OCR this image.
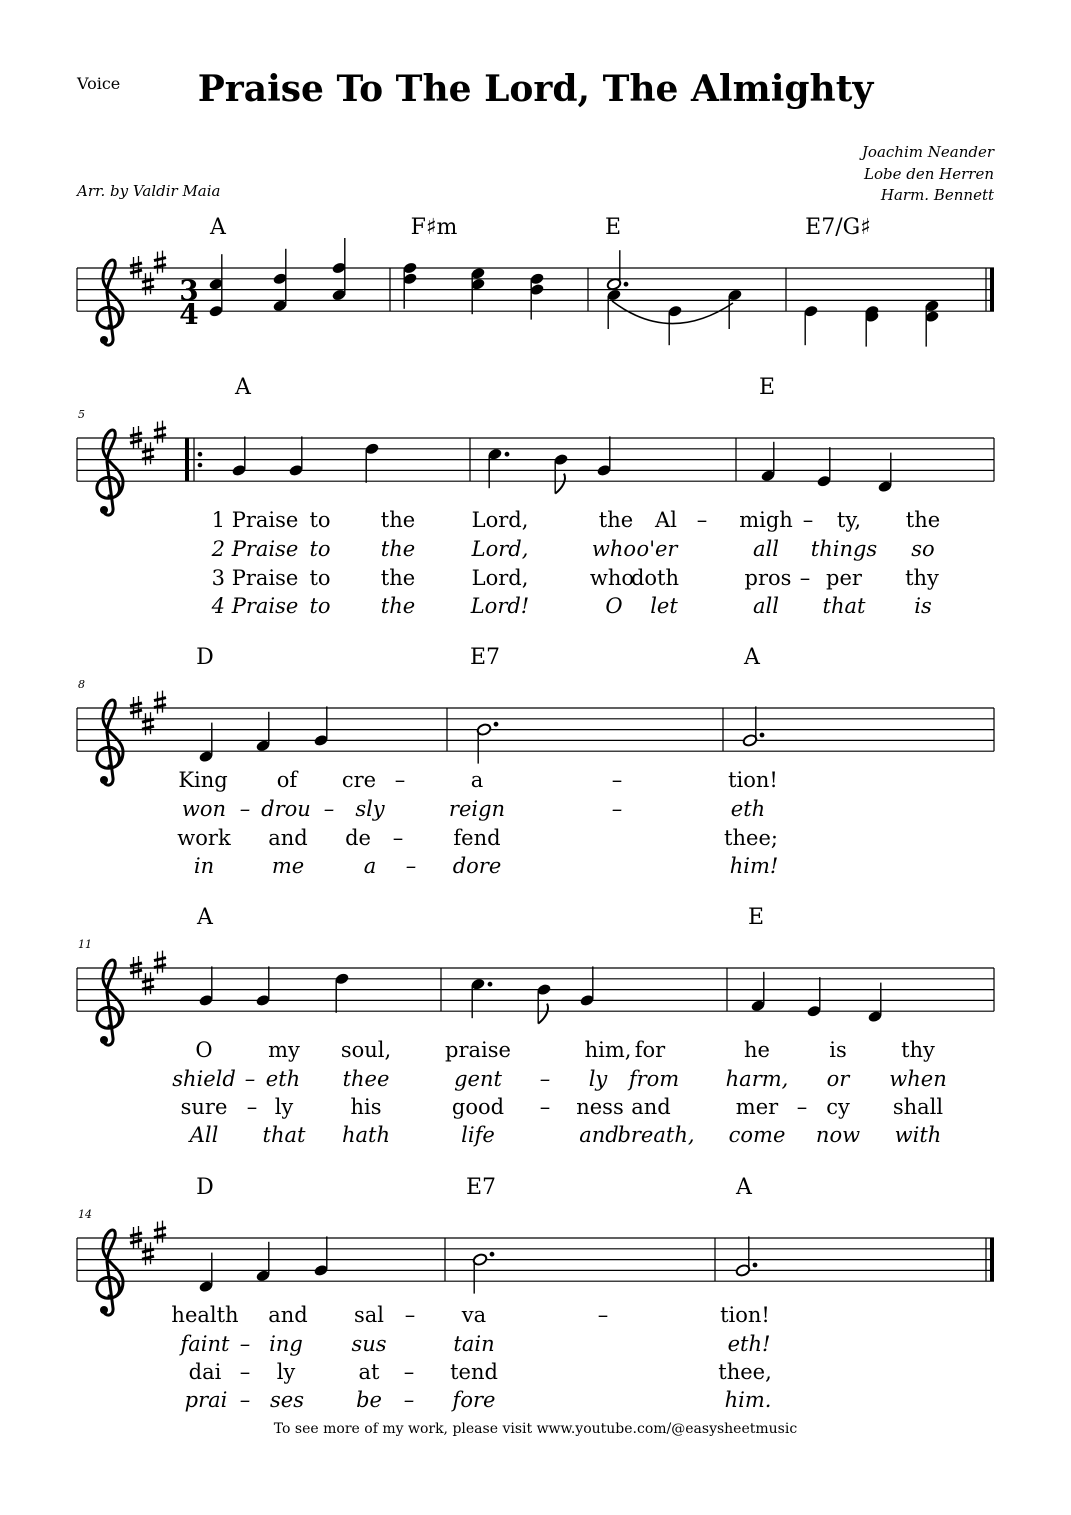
Voice	Praise To The Lord, The Almighty
Joachim Neander
Lobe den Herren
Harm. Bennett
Arr. by Valdir Maia
To see more of my work, please visit www.youtube.com/@easysheetmusic
A	F♯m	E	E7/G♯
5
A	E
8
D	E7	A
11
A	E
14
D	E7	A
3
4
1 Praise to the	Lord,	the Al – migh – ty, the
2 Praise to the	Lord,	who o'er	all things so
3 Praise to the	Lord,	who
doth	pros – per thy
4 Praise to the	Lord!	O let	all that is
King of cre –	a	–	tion!
won – drou – sly	reign	–	eth
work and de – fend	thee;
in	me	a – dore	him!
O	my soul,	praise	him, for	he	is	thy
shield – eth thee	gent – ly from harm, or when
sure – ly	his	good – ness and	mer – cy shall
All that hath	life	and
breath, come now with
health and sal – va	–	tion!
faint – ing sus	tain	eth!
dai – ly	at – tend	thee,
prai – ses be – fore	him.
